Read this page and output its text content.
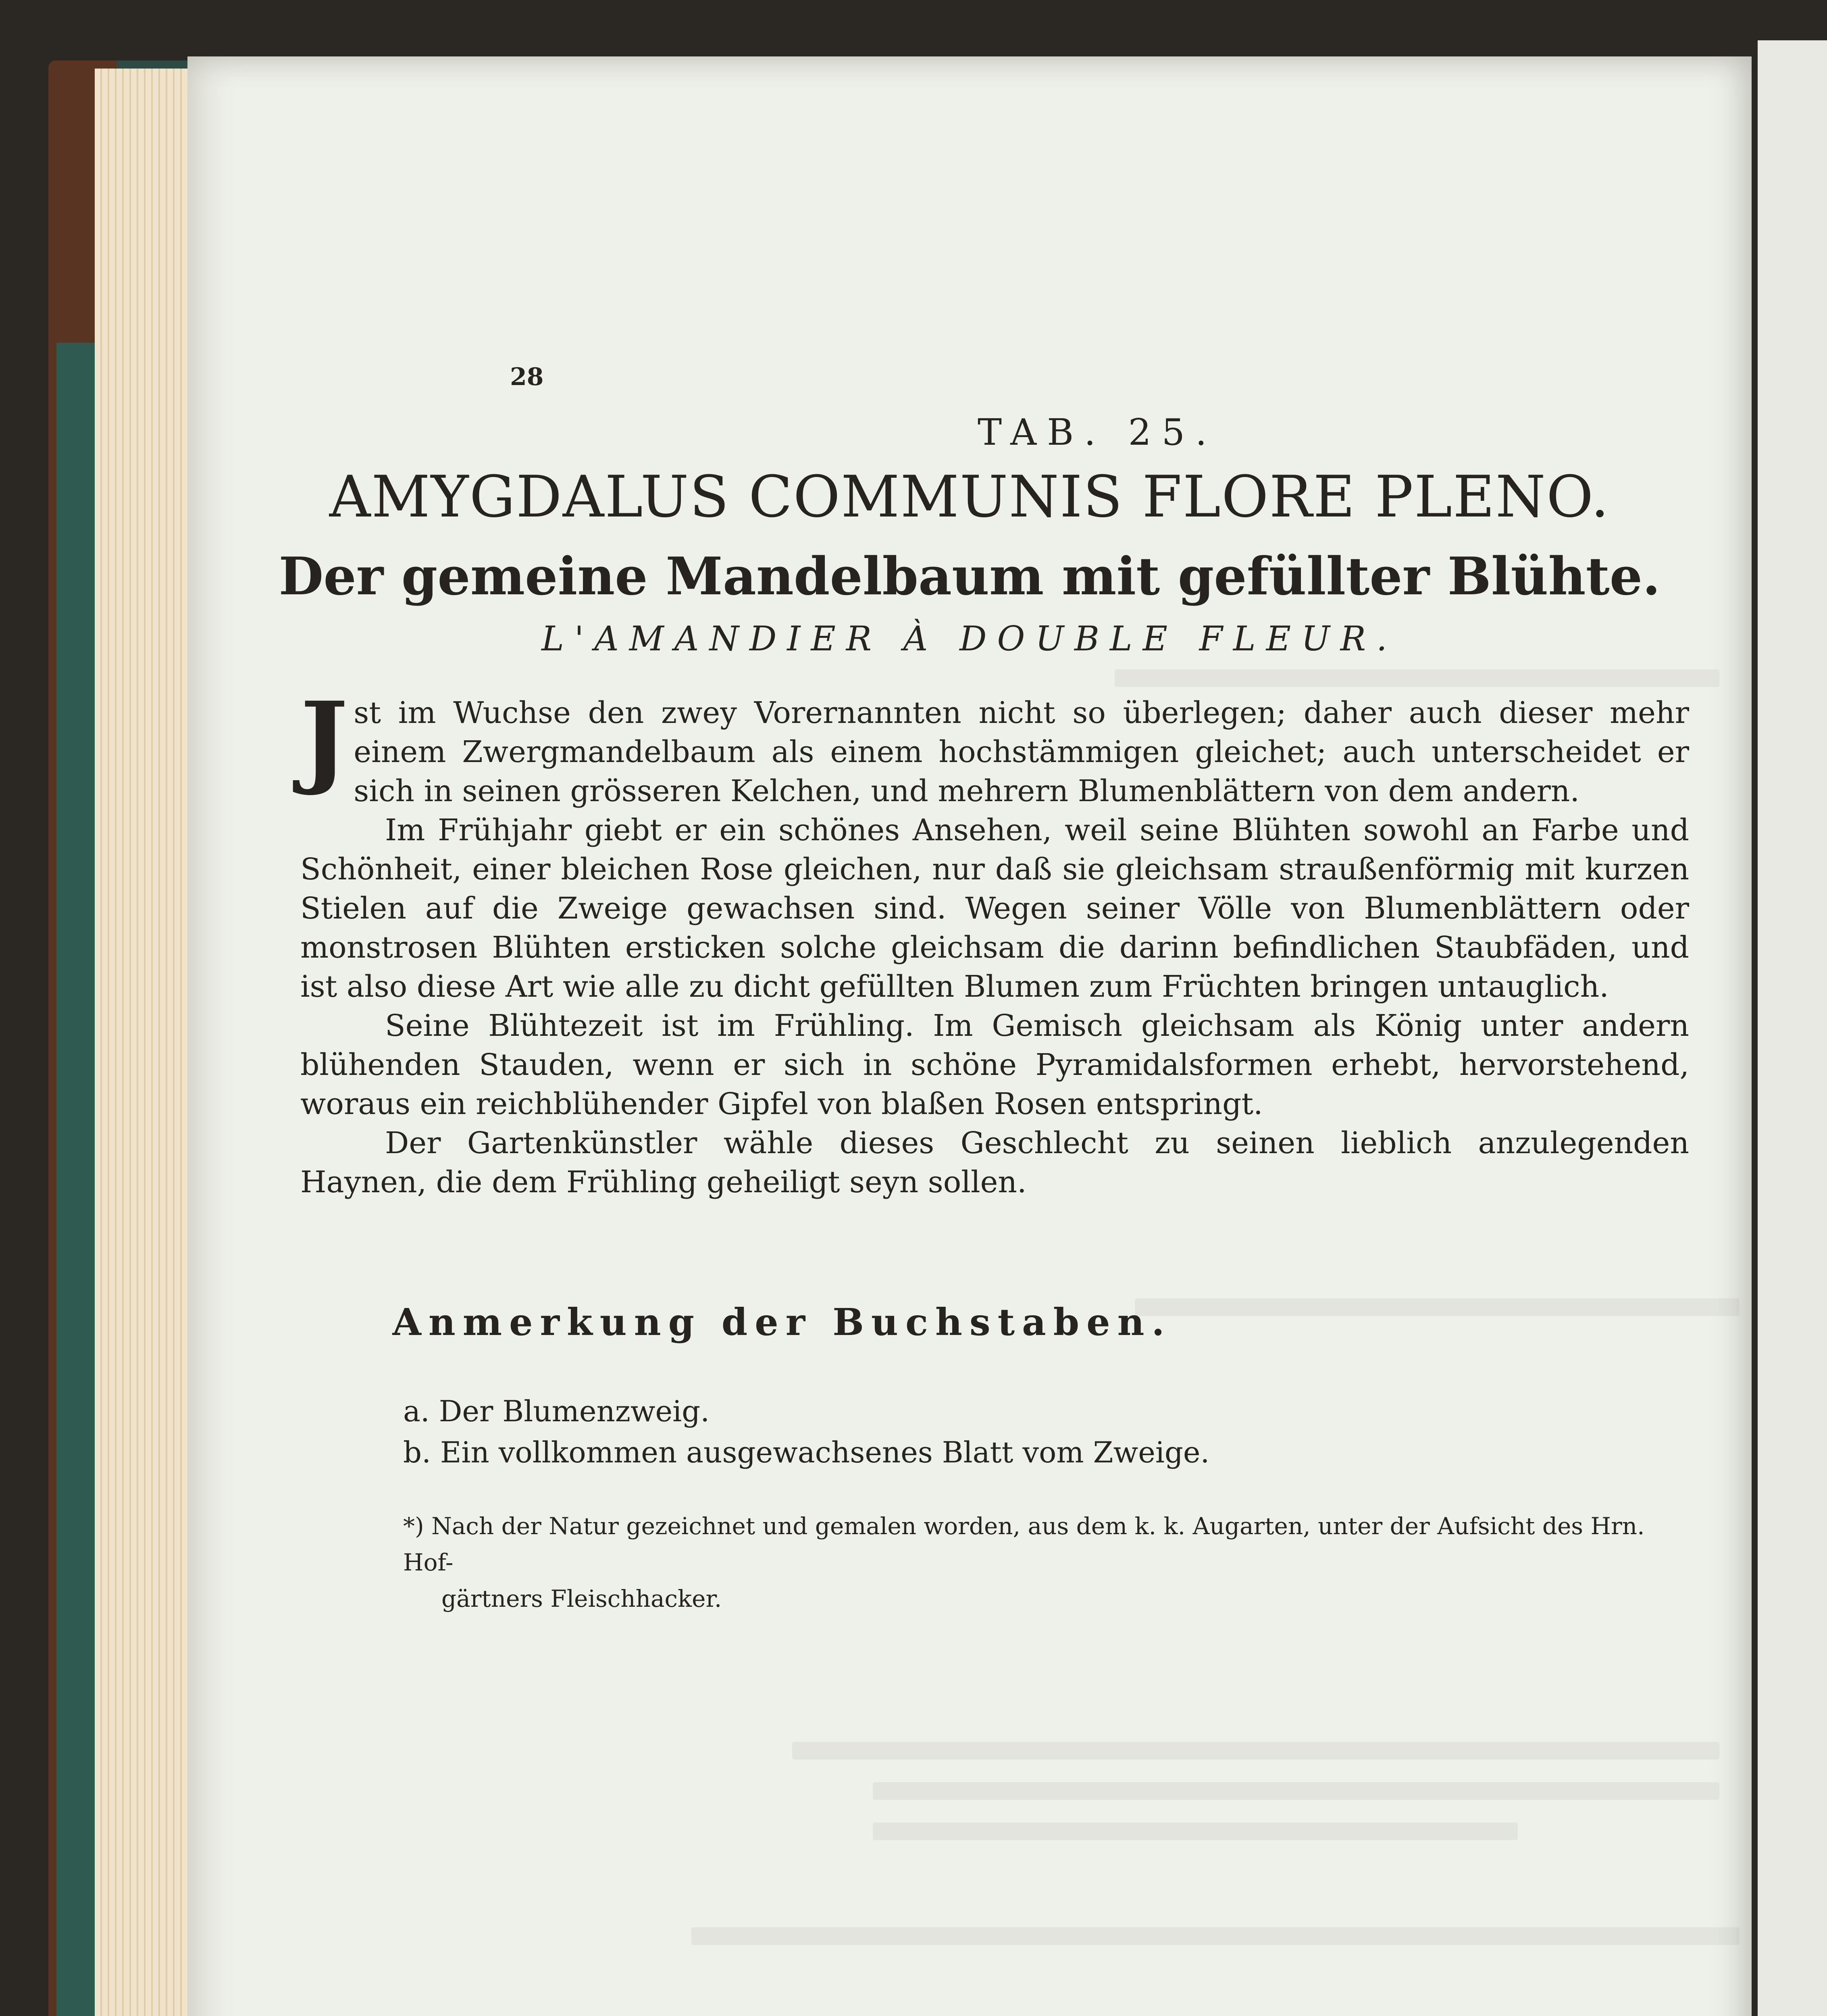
28
TAB. 25.
AMYGDALUS COMMUNIS FLORE PLENO.
Der gemeine Mandelbaum mit gefüllter Blühte.
L'AMANDIER À DOUBLE FLEUR.

Jst im Wuchse den zwey Vorernannten nicht so überlegen; daher auch dieser mehr einem Zwergmandelbaum als einem hochstämmigen gleichet; auch unterscheidet er sich in seinen grösseren Kelchen, und mehrern Blumenblättern von dem andern.

Im Frühjahr giebt er ein schönes Ansehen, weil seine Blühten sowohl an Farbe und Schönheit, einer bleichen Rose gleichen, nur daß sie gleichsam straußenförmig mit kurzen Stielen auf die Zweige gewachsen sind. Wegen seiner Völle von Blumenblättern oder monstrosen Blühten ersticken solche gleichsam die darinn befindlichen Staubfäden, und ist also diese Art wie alle zu dicht gefüllten Blumen zum Früchten bringen untauglich.

Seine Blühtezeit ist im Frühling. Im Gemisch gleichsam als König unter andern blühenden Stauden, wenn er sich in schöne Pyramidalsformen erhebt, hervorstehend, woraus ein reichblühender Gipfel von blaßen Rosen entspringt.

Der Gartenkünstler wähle dieses Geschlecht zu seinen lieblich anzulegenden Haynen, die dem Frühling geheiligt seyn sollen.

Anmerkung der Buchstaben.
a. Der Blumenzweig.
b. Ein vollkommen ausgewachsenes Blatt vom Zweige.
*) Nach der Natur gezeichnet und gemalen worden, aus dem k. k. Augarten, unter der Aufsicht des Hrn. Hof-
gärtners Fleischhacker.
